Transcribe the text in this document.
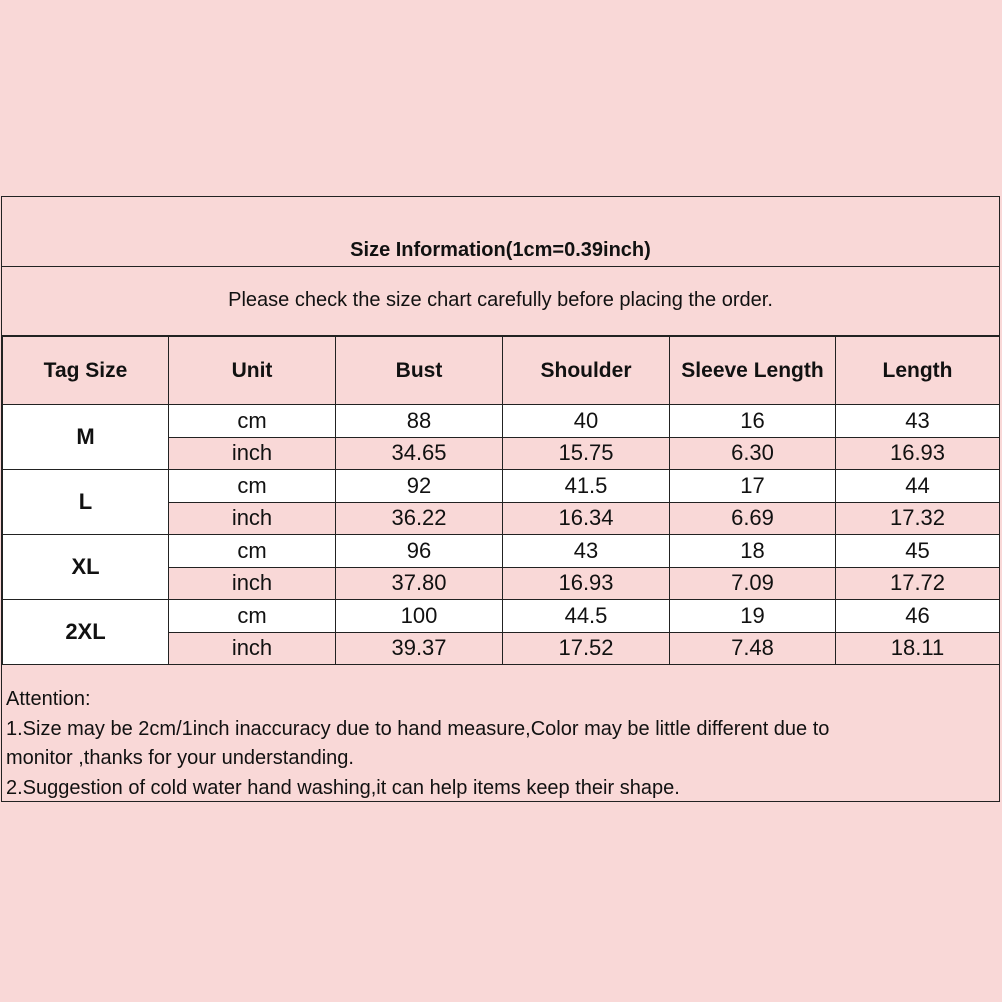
Size Information(1cm=0.39inch)
Please check the size chart carefully before placing the order.
Tag Size	Unit	Bust	Shoulder	Sleeve Length	Length
M	cm	88	40	16	43
	inch	34.65	15.75	6.30	16.93
L	cm	92	41.5	17	44
	inch	36.22	16.34	6.69	17.32
XL	cm	96	43	18	45
	inch	37.80	16.93	7.09	17.72
2XL	cm	100	44.5	19	46
	inch	39.37	17.52	7.48	18.11
Attention:
1.Size may be 2cm/1inch inaccuracy due to hand measure,Color may be little different due to
monitor ,thanks for your understanding.
2.Suggestion of cold water hand washing,it can help items keep their shape.
